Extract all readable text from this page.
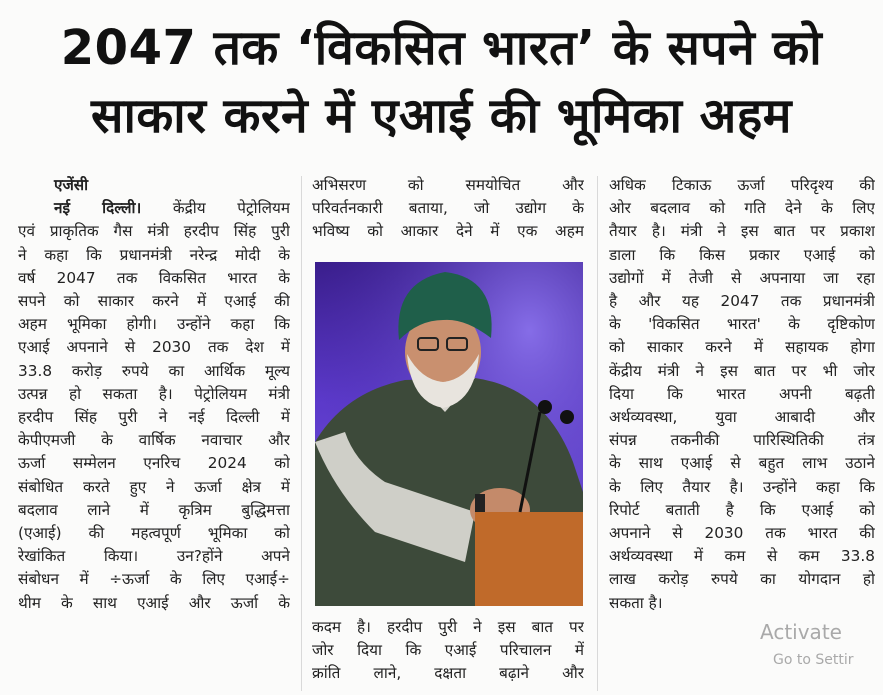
2047 तक ‘विकसित भारत’ के सपने को
साकार करने में एआई की भूमिका अहम
एजेंसी
नई दिल्ली। केंद्रीय पेट्रोलियम
एवं प्राकृतिक गैस मंत्री हरदीप सिंह पुरी
ने कहा कि प्रधानमंत्री नरेन्द्र मोदी के
वर्ष 2047 तक विकसित भारत के
सपने को साकार करने में एआई की
अहम भूमिका होगी। उन्होंने कहा कि
एआई अपनाने से 2030 तक देश में
33.8 करोड़ रुपये का आर्थिक मूल्य
उत्पन्न हो सकता है। पेट्रोलियम मंत्री
हरदीप सिंह पुरी ने नई दिल्ली में
केपीएमजी के वार्षिक नवाचार और
ऊर्जा सम्मेलन एनरिच 2024 को
संबोधित करते हुए ने ऊर्जा क्षेत्र में
बदलाव लाने में कृत्रिम बुद्धिमत्ता
(एआई) की महत्वपूर्ण भूमिका को
रेखांकित किया। उन?होंने अपने
संबोधन में ÷ऊर्जा के लिए एआई÷
थीम के साथ एआई और ऊर्जा के
अभिसरण को समयोचित और
परिवर्तनकारी बताया, जो उद्योग के
भविष्य को आकार देने में एक अहम
कदम है। हरदीप पुरी ने इस बात पर
जोर दिया कि एआई परिचालन में
क्रांति लाने, दक्षता बढ़ाने और
अधिक टिकाऊ ऊर्जा परिदृश्य की
ओर बदलाव को गति देने के लिए
तैयार है। मंत्री ने इस बात पर प्रकाश
डाला कि किस प्रकार एआई को
उद्योगों में तेजी से अपनाया जा रहा
है और यह 2047 तक प्रधानमंत्री
के 'विकसित भारत' के दृष्टिकोण
को साकार करने में सहायक होगा
केंद्रीय मंत्री ने इस बात पर भी जोर
दिया कि भारत अपनी बढ़ती
अर्थव्यवस्था, युवा आबादी और
संपन्न तकनीकी पारिस्थितिकी तंत्र
के साथ एआई से बहुत लाभ उठाने
के लिए तैयार है। उन्होंने कहा कि
रिपोर्ट बताती है कि एआई को
अपनाने से 2030 तक भारत की
अर्थव्यवस्था में कम से कम 33.8
लाख करोड़ रुपये का योगदान हो
सकता है।
Activate
Go to Settir
